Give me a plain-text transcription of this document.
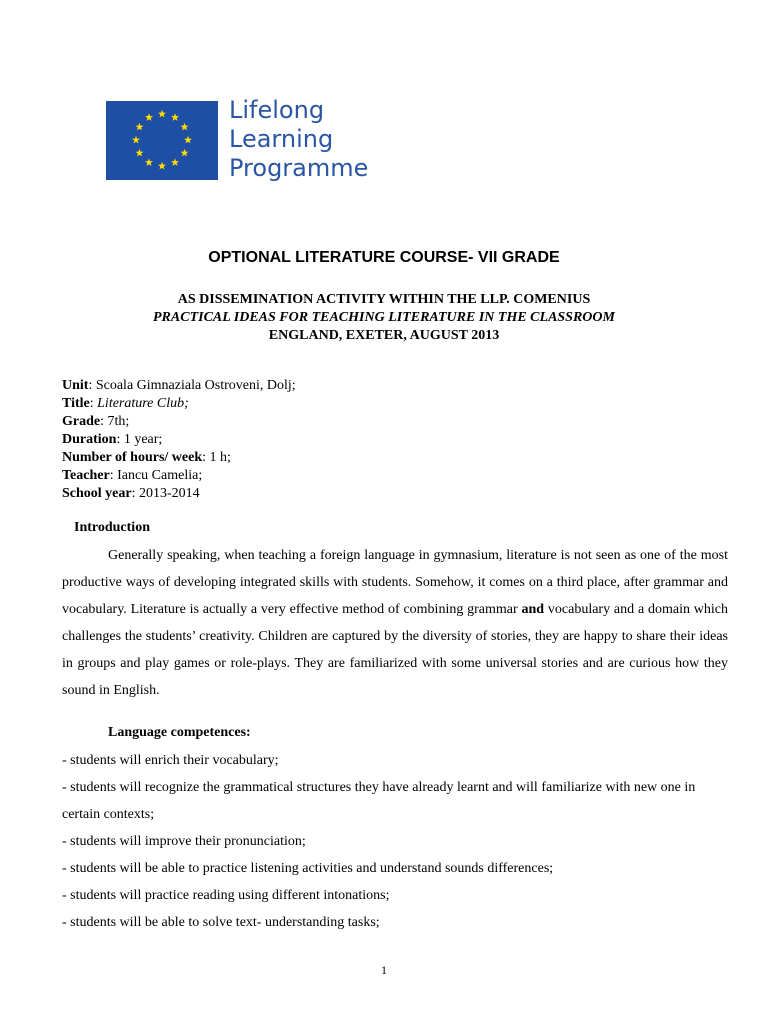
Lifelong
Learning
Programme
OPTIONAL LITERATURE COURSE- VII GRADE
AS DISSEMINATION ACTIVITY WITHIN THE LLP. COMENIUS
PRACTICAL IDEAS FOR TEACHING LITERATURE IN THE CLASSROOM
ENGLAND, EXETER, AUGUST 2013
Unit: Scoala Gimnaziala Ostroveni, Dolj;
Title: Literature Club;
Grade: 7th;
Duration: 1 year;
Number of hours/ week: 1 h;
Teacher: Iancu Camelia;
School year: 2013-2014
Introduction
Generally speaking, when teaching a foreign language in gymnasium, literature is not seen as one of the most productive ways of developing integrated skills with students. Somehow, it comes on a third place, after grammar and vocabulary. Literature is actually a very effective method of combining grammar and vocabulary and a domain which challenges the students’ creativity. Children are captured by the diversity of stories, they are happy to share their ideas in groups and play games or role-plays. They are familiarized with some universal stories and are curious how they sound in English.
Language competences:
- students will enrich their vocabulary;
- students will recognize the grammatical structures they have already learnt and will familiarize with new one in certain contexts;
- students will improve their pronunciation;
- students will be able to practice listening activities and understand sounds differences;
- students will practice reading using different intonations;
- students will be able to solve text- understanding tasks;
1
